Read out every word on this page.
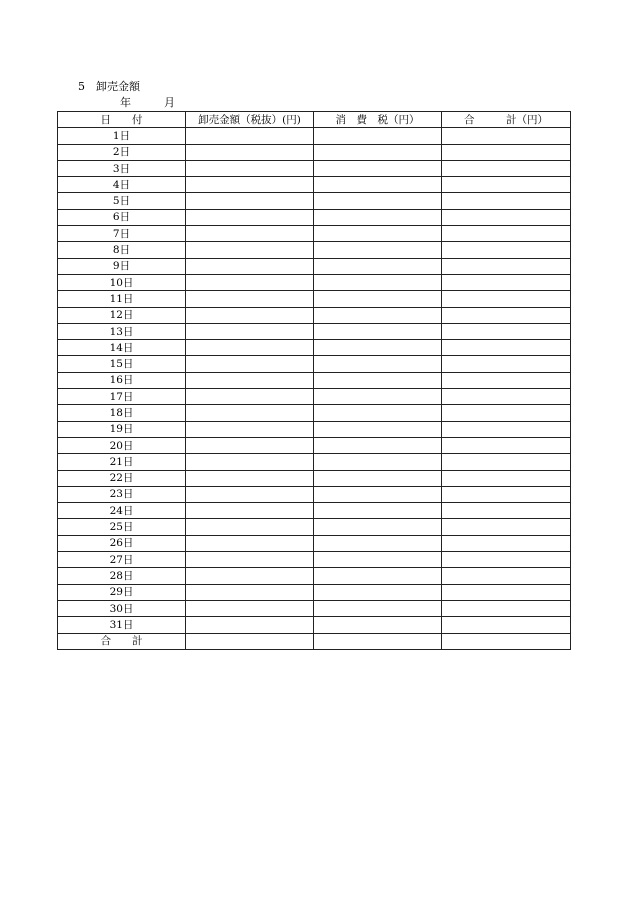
5　 卸売金額
年　　　	月
日　　付	卸売金額（税抜）(円)	消　費　税（円）	合　　　計（円）
1日			
2日			
3日			
4日			
5日			
6日			
7日			
8日			
9日			
10日			
11日			
12日			
13日			
14日			
15日			
16日			
17日			
18日			
19日			
20日			
21日			
22日			
23日			
24日			
25日			
26日			
27日			
28日			
29日			
30日			
31日			
合　　計			
